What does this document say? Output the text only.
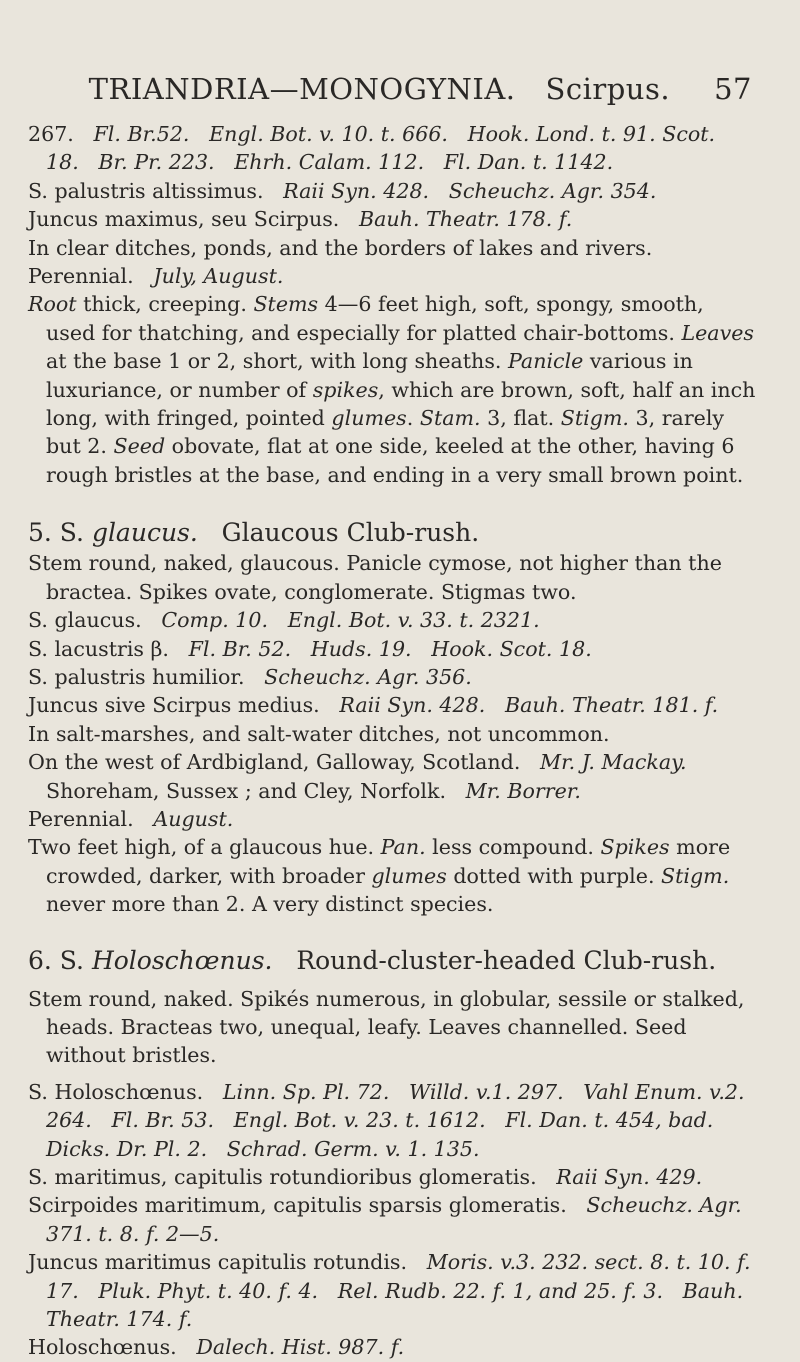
TRIANDRIA—MONOGYNIA. Scirpus. 57

267. Fl. Br.52. Engl. Bot. v. 10. t. 666. Hook. Lond. t. 91. Scot. 18. Br. Pr. 223. Ehrh. Calam. 112. Fl. Dan. t. 1142.

S. palustris altissimus. Raii Syn. 428. Scheuchz. Agr. 354.

Juncus maximus, seu Scirpus. Bauh. Theatr. 178. f.

In clear ditches, ponds, and the borders of lakes and rivers.

Perennial. July, August.

Root thick, creeping. Stems 4—6 feet high, soft, spongy, smooth, used for thatching, and especially for platted chair-bottoms. Leaves at the base 1 or 2, short, with long sheaths. Panicle various in luxuriance, or number of spikes, which are brown, soft, half an inch long, with fringed, pointed glumes. Stam. 3, flat. Stigm. 3, rarely but 2. Seed obovate, flat at one side, keeled at the other, having 6 rough bristles at the base, and ending in a very small brown point.

5. S. glaucus. Glaucous Club-rush.

Stem round, naked, glaucous. Panicle cymose, not higher than the bractea. Spikes ovate, conglomerate. Stigmas two.

S. glaucus. Comp. 10. Engl. Bot. v. 33. t. 2321.

S. lacustris β. Fl. Br. 52. Huds. 19. Hook. Scot. 18.

S. palustris humilior. Scheuchz. Agr. 356.

Juncus sive Scirpus medius. Raii Syn. 428. Bauh. Theatr. 181. f.

In salt-marshes, and salt-water ditches, not uncommon.

On the west of Ardbigland, Galloway, Scotland. Mr. J. Mackay. Shoreham, Sussex ; and Cley, Norfolk. Mr. Borrer.

Perennial. August.

Two feet high, of a glaucous hue. Pan. less compound. Spikes more crowded, darker, with broader glumes dotted with purple. Stigm. never more than 2. A very distinct species.

6. S. Holoschœnus. Round-cluster-headed Club-rush.

Stem round, naked. Spikés numerous, in globular, sessile or stalked, heads. Bracteas two, unequal, leafy. Leaves channelled. Seed without bristles.

S. Holoschœnus. Linn. Sp. Pl. 72. Willd. v.1. 297. Vahl Enum. v.2. 264. Fl. Br. 53. Engl. Bot. v. 23. t. 1612. Fl. Dan. t. 454, bad.   Dicks. Dr. Pl. 2. Schrad. Germ. v. 1. 135.

S. maritimus, capitulis rotundioribus glomeratis. Raii Syn. 429.

Scirpoides maritimum, capitulis sparsis glomeratis. Scheuchz. Agr. 371. t. 8. f. 2—5.

Juncus maritimus capitulis rotundis. Moris. v.3. 232. sect. 8. t. 10. f. 17. Pluk. Phyt. t. 40. f. 4. Rel. Rudb. 22. f. 1, and 25. f. 3. Bauh. Theatr. 174. f.

Holoschœnus. Dalech. Hist. 987. f.
